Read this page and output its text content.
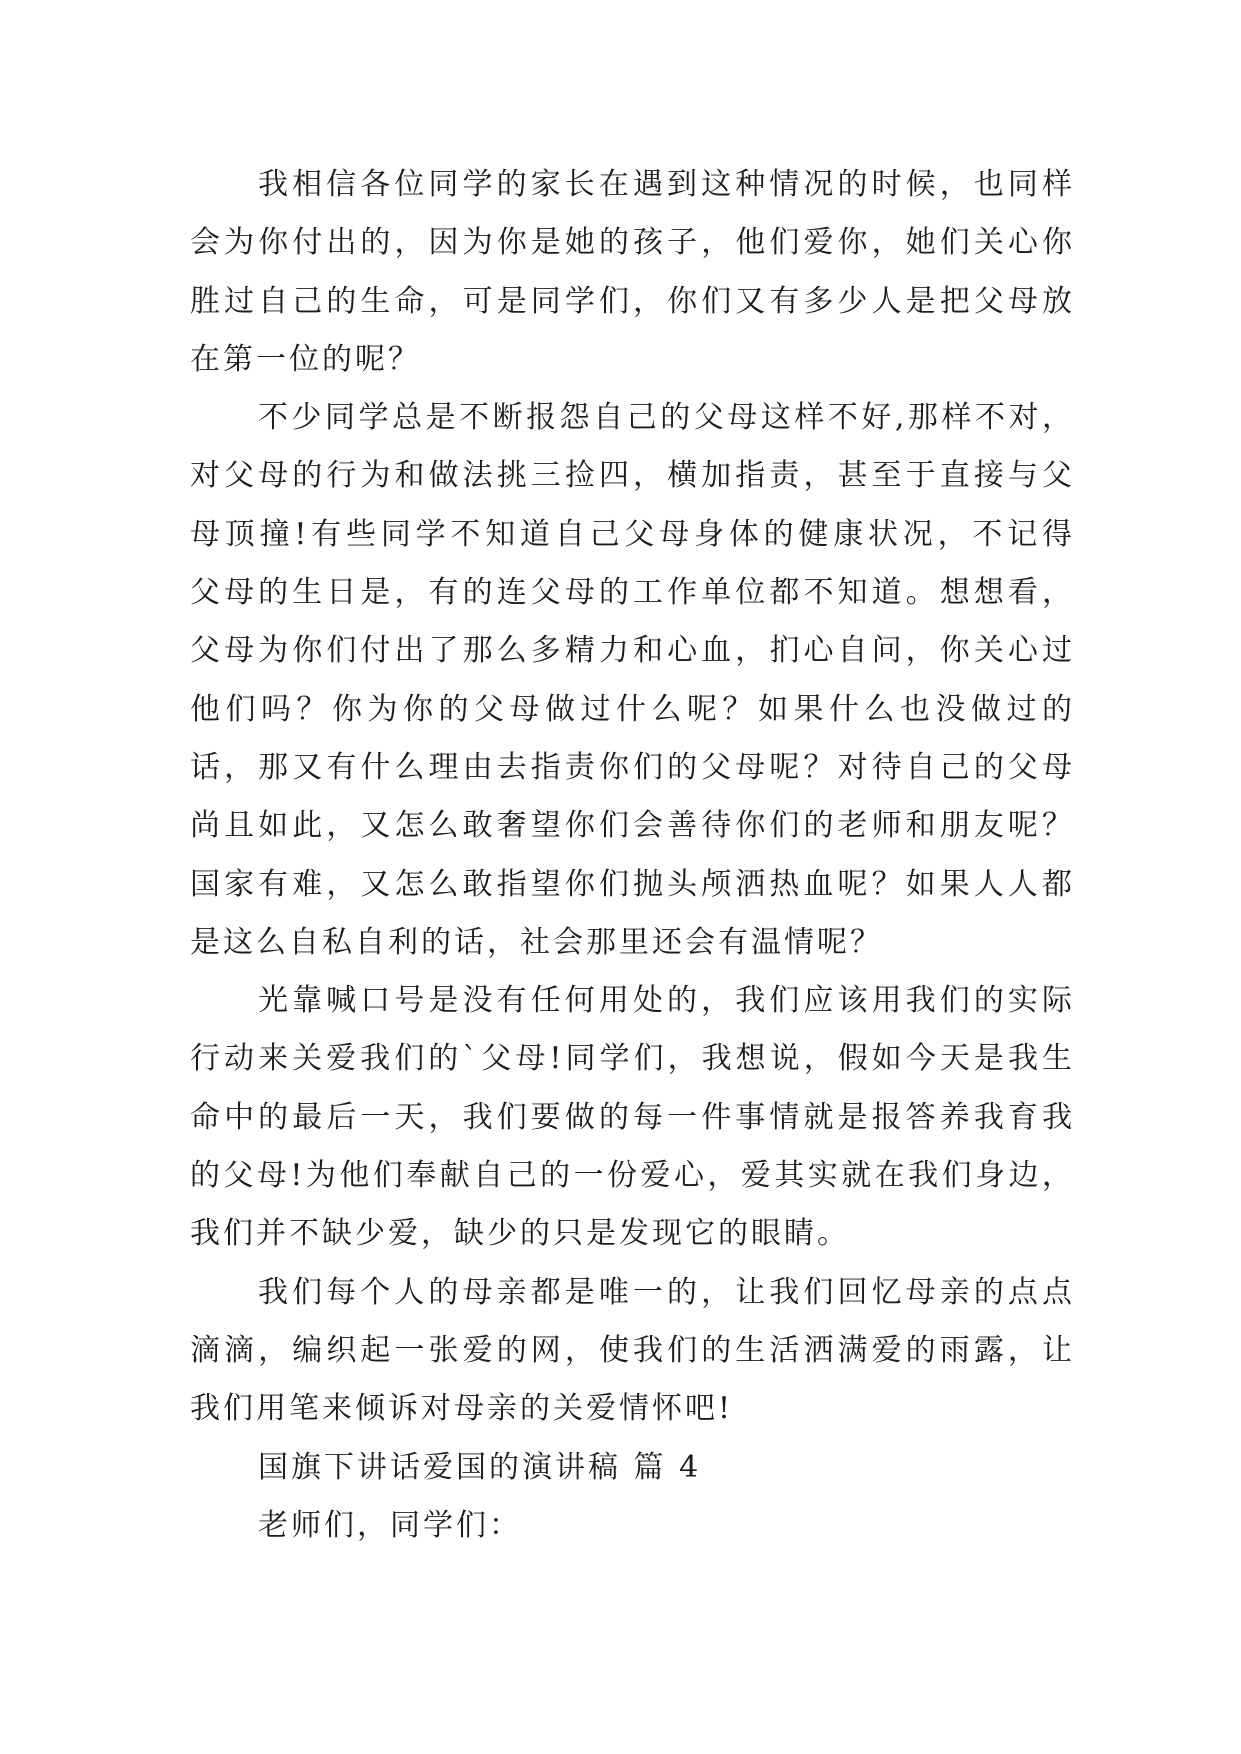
我相信各位同学的家长在遇到这种情况的时候，也同样
会为你付出的，因为你是她的孩子，他们爱你，她们关心你
胜过自己的生命，可是同学们，你们又有多少人是把父母放
在第一位的呢？
不少同学总是不断报怨自己的父母这样不好,那样不对，
对父母的行为和做法挑三捡四，横加指责，甚至于直接与父
母顶撞!有些同学不知道自己父母身体的健康状况，不记得
父母的生日是，有的连父母的工作单位都不知道。想想看，
父母为你们付出了那么多精力和心血，扪心自问，你关心过
他们吗？你为你的父母做过什么呢？如果什么也没做过的
话，那又有什么理由去指责你们的父母呢？对待自己的父母
尚且如此，又怎么敢奢望你们会善待你们的老师和朋友呢？
国家有难，又怎么敢指望你们抛头颅洒热血呢？如果人人都
是这么自私自利的话，社会那里还会有温情呢？
光靠喊口号是没有任何用处的，我们应该用我们的实际
行动来关爱我们的`父母!同学们，我想说，假如今天是我生
命中的最后一天，我们要做的每一件事情就是报答养我育我
的父母!为他们奉献自己的一份爱心，爱其实就在我们身边，
我们并不缺少爱，缺少的只是发现它的眼睛。
我们每个人的母亲都是唯一的，让我们回忆母亲的点点
滴滴，编织起一张爱的网，使我们的生活洒满爱的雨露，让
我们用笔来倾诉对母亲的关爱情怀吧!
国旗下讲话爱国的演讲稿 篇 4
老师们，同学们：
